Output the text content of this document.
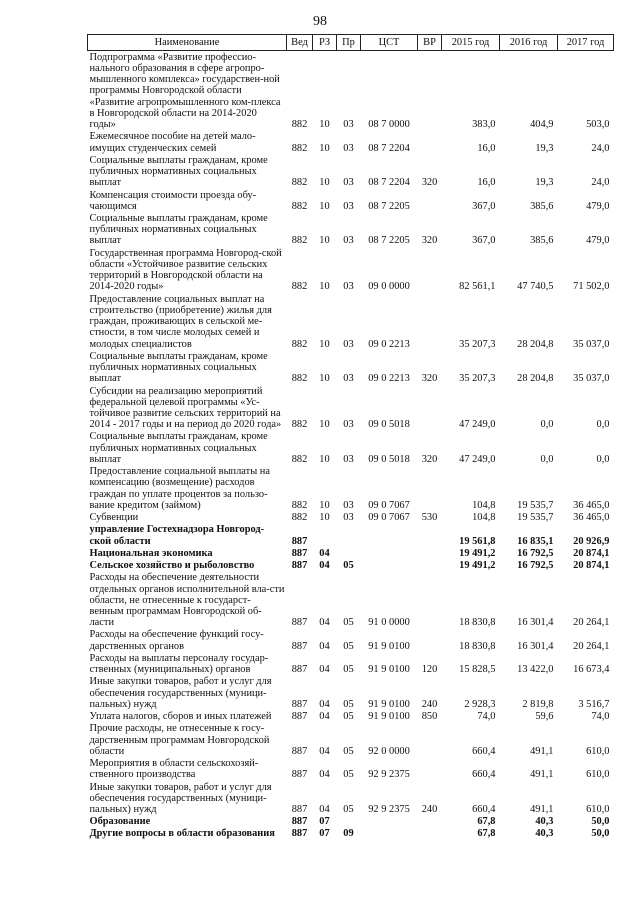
98
Наименование	Вед	РЗ	Пр	ЦСТ	ВР	2015 год	2016 год	2017 год
Подпрограмма «Развитие профессио-нального образования в сфере агропро-мышленного комплекса» государствен-ной программы Новгородской области «Развитие агропромышленного ком-плекса в Новгородской области на 2014-2020 годы»	882	10	03	08 7 0000		383,0	404,9	503,0
Ежемесячное пособие на детей мало-имущих студенческих семей	882	10	03	08 7 2204		16,0	19,3	24,0
Социальные выплаты гражданам, кроме публичных нормативных социальных выплат	882	10	03	08 7 2204	320	16,0	19,3	24,0
Компенсация стоимости проезда обу-чающимся	882	10	03	08 7 2205		367,0	385,6	479,0
Социальные выплаты гражданам, кроме публичных нормативных социальных выплат	882	10	03	08 7 2205	320	367,0	385,6	479,0
Государственная программа Новгород-ской области «Устойчивое развитие сельских территорий в Новгородской области на 2014-2020 годы»	882	10	03	09 0 0000		82 561,1	47 740,5	71 502,0
Предоставление социальных выплат на строительство (приобретение) жилья для граждан, проживающих в сельской ме-стности, в том числе молодых семей и молодых специалистов	882	10	03	09 0 2213		35 207,3	28 204,8	35 037,0
Социальные выплаты гражданам, кроме публичных нормативных социальных выплат	882	10	03	09 0 2213	320	35 207,3	28 204,8	35 037,0
Субсидии на реализацию мероприятий федеральной целевой программы «Ус-тойчивое развитие сельских территорий на 2014 - 2017 годы и на период до 2020 года»	882	10	03	09 0 5018		47 249,0	0,0	0,0
Социальные выплаты гражданам, кроме публичных нормативных социальных выплат	882	10	03	09 0 5018	320	47 249,0	0,0	0,0
Предоставление социальной выплаты на компенсацию (возмещение) расходов граждан по уплате процентов за пользо-вание кредитом (займом)	882	10	03	09 0 7067		104,8	19 535,7	36 465,0
Субвенции	882	10	03	09 0 7067	530	104,8	19 535,7	36 465,0
управление Гостехнадзора Новгород-ской области	887					19 561,8	16 835,1	20 926,9
Национальная экономика	887	04				19 491,2	16 792,5	20 874,1
Сельское хозяйство и рыболовство	887	04	05			19 491,2	16 792,5	20 874,1
Расходы на обеспечение деятельности отдельных органов исполнительной вла-сти области, не отнесенные к государст-венным программам Новгородской об-ласти	887	04	05	91 0 0000		18 830,8	16 301,4	20 264,1
Расходы на обеспечение функций госу-дарственных органов	887	04	05	91 9 0100		18 830,8	16 301,4	20 264,1
Расходы на выплаты персоналу государ-ственных (муниципальных) органов	887	04	05	91 9 0100	120	15 828,5	13 422,0	16 673,4
Иные закупки товаров, работ и услуг для обеспечения государственных (муници-пальных) нужд	887	04	05	91 9 0100	240	2 928,3	2 819,8	3 516,7
Уплата налогов, сборов и иных платежей	887	04	05	91 9 0100	850	74,0	59,6	74,0
Прочие расходы, не отнесенные к госу-дарственным программам Новгородской области	887	04	05	92 0 0000		660,4	491,1	610,0
Мероприятия в области сельскохозяй-ственного производства	887	04	05	92 9 2375		660,4	491,1	610,0
Иные закупки товаров, работ и услуг для обеспечения государственных (муници-пальных) нужд	887	04	05	92 9 2375	240	660,4	491,1	610,0
Образование	887	07				67,8	40,3	50,0
Другие вопросы в области образования	887	07	09			67,8	40,3	50,0
